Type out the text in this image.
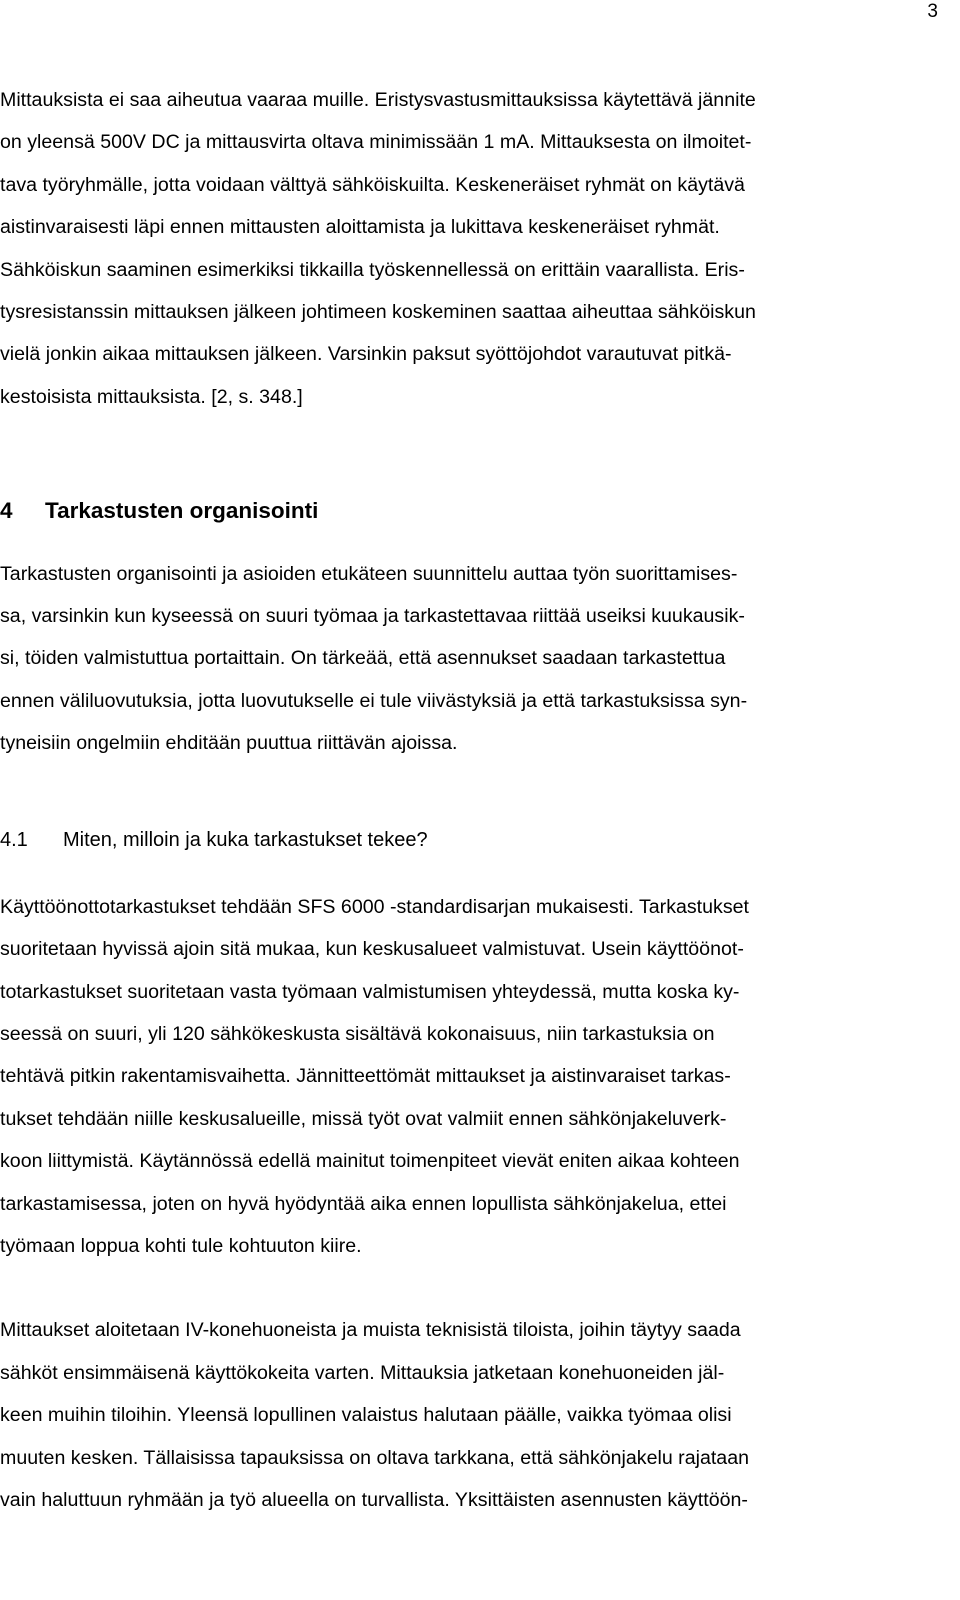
3
Mittauksista ei saa aiheutua vaaraa muille. Eristysvastusmittauksissa käytettävä jännite
on yleensä 500V DC ja mittausvirta oltava minimissään 1 mA. Mittauksesta on ilmoitet-
tava työryhmälle, jotta voidaan välttyä sähköiskuilta. Keskeneräiset ryhmät on käytävä
aistinvaraisesti läpi ennen mittausten aloittamista ja lukittava keskeneräiset ryhmät.
Sähköiskun saaminen esimerkiksi tikkailla työskennellessä on erittäin vaarallista. Eris-
tysresistanssin mittauksen jälkeen johtimeen koskeminen saattaa aiheuttaa sähköiskun
vielä jonkin aikaa mittauksen jälkeen. Varsinkin paksut syöttöjohdot varautuvat pitkä-
kestoisista mittauksista. [2, s. 348.]
4 Tarkastusten organisointi
Tarkastusten organisointi ja asioiden etukäteen suunnittelu auttaa työn suorittamises-
sa, varsinkin kun kyseessä on suuri työmaa ja tarkastettavaa riittää useiksi kuukausik-
si, töiden valmistuttua portaittain. On tärkeää, että asennukset saadaan tarkastettua
ennen väliluovutuksia, jotta luovutukselle ei tule viivästyksiä ja että tarkastuksissa syn-
tyneisiin ongelmiin ehditään puuttua riittävän ajoissa.
4.1 Miten, milloin ja kuka tarkastukset tekee?
Käyttöönottotarkastukset tehdään SFS 6000 -standardisarjan mukaisesti. Tarkastukset
suoritetaan hyvissä ajoin sitä mukaa, kun keskusalueet valmistuvat. Usein käyttöönot-
totarkastukset suoritetaan vasta työmaan valmistumisen yhteydessä, mutta koska ky-
seessä on suuri, yli 120 sähkökeskusta sisältävä kokonaisuus, niin tarkastuksia on
tehtävä pitkin rakentamisvaihetta. Jännitteettömät mittaukset ja aistinvaraiset tarkas-
tukset tehdään niille keskusalueille, missä työt ovat valmiit ennen sähkönjakeluverk-
koon liittymistä. Käytännössä edellä mainitut toimenpiteet vievät eniten aikaa kohteen
tarkastamisessa, joten on hyvä hyödyntää aika ennen lopullista sähkönjakelua, ettei
työmaan loppua kohti tule kohtuuton kiire.
Mittaukset aloitetaan IV-konehuoneista ja muista teknisistä tiloista, joihin täytyy saada
sähköt ensimmäisenä käyttökokeita varten. Mittauksia jatketaan konehuoneiden jäl-
keen muihin tiloihin. Yleensä lopullinen valaistus halutaan päälle, vaikka työmaa olisi
muuten kesken. Tällaisissa tapauksissa on oltava tarkkana, että sähkönjakelu rajataan
vain haluttuun ryhmään ja työ alueella on turvallista. Yksittäisten asennusten käyttöön-
